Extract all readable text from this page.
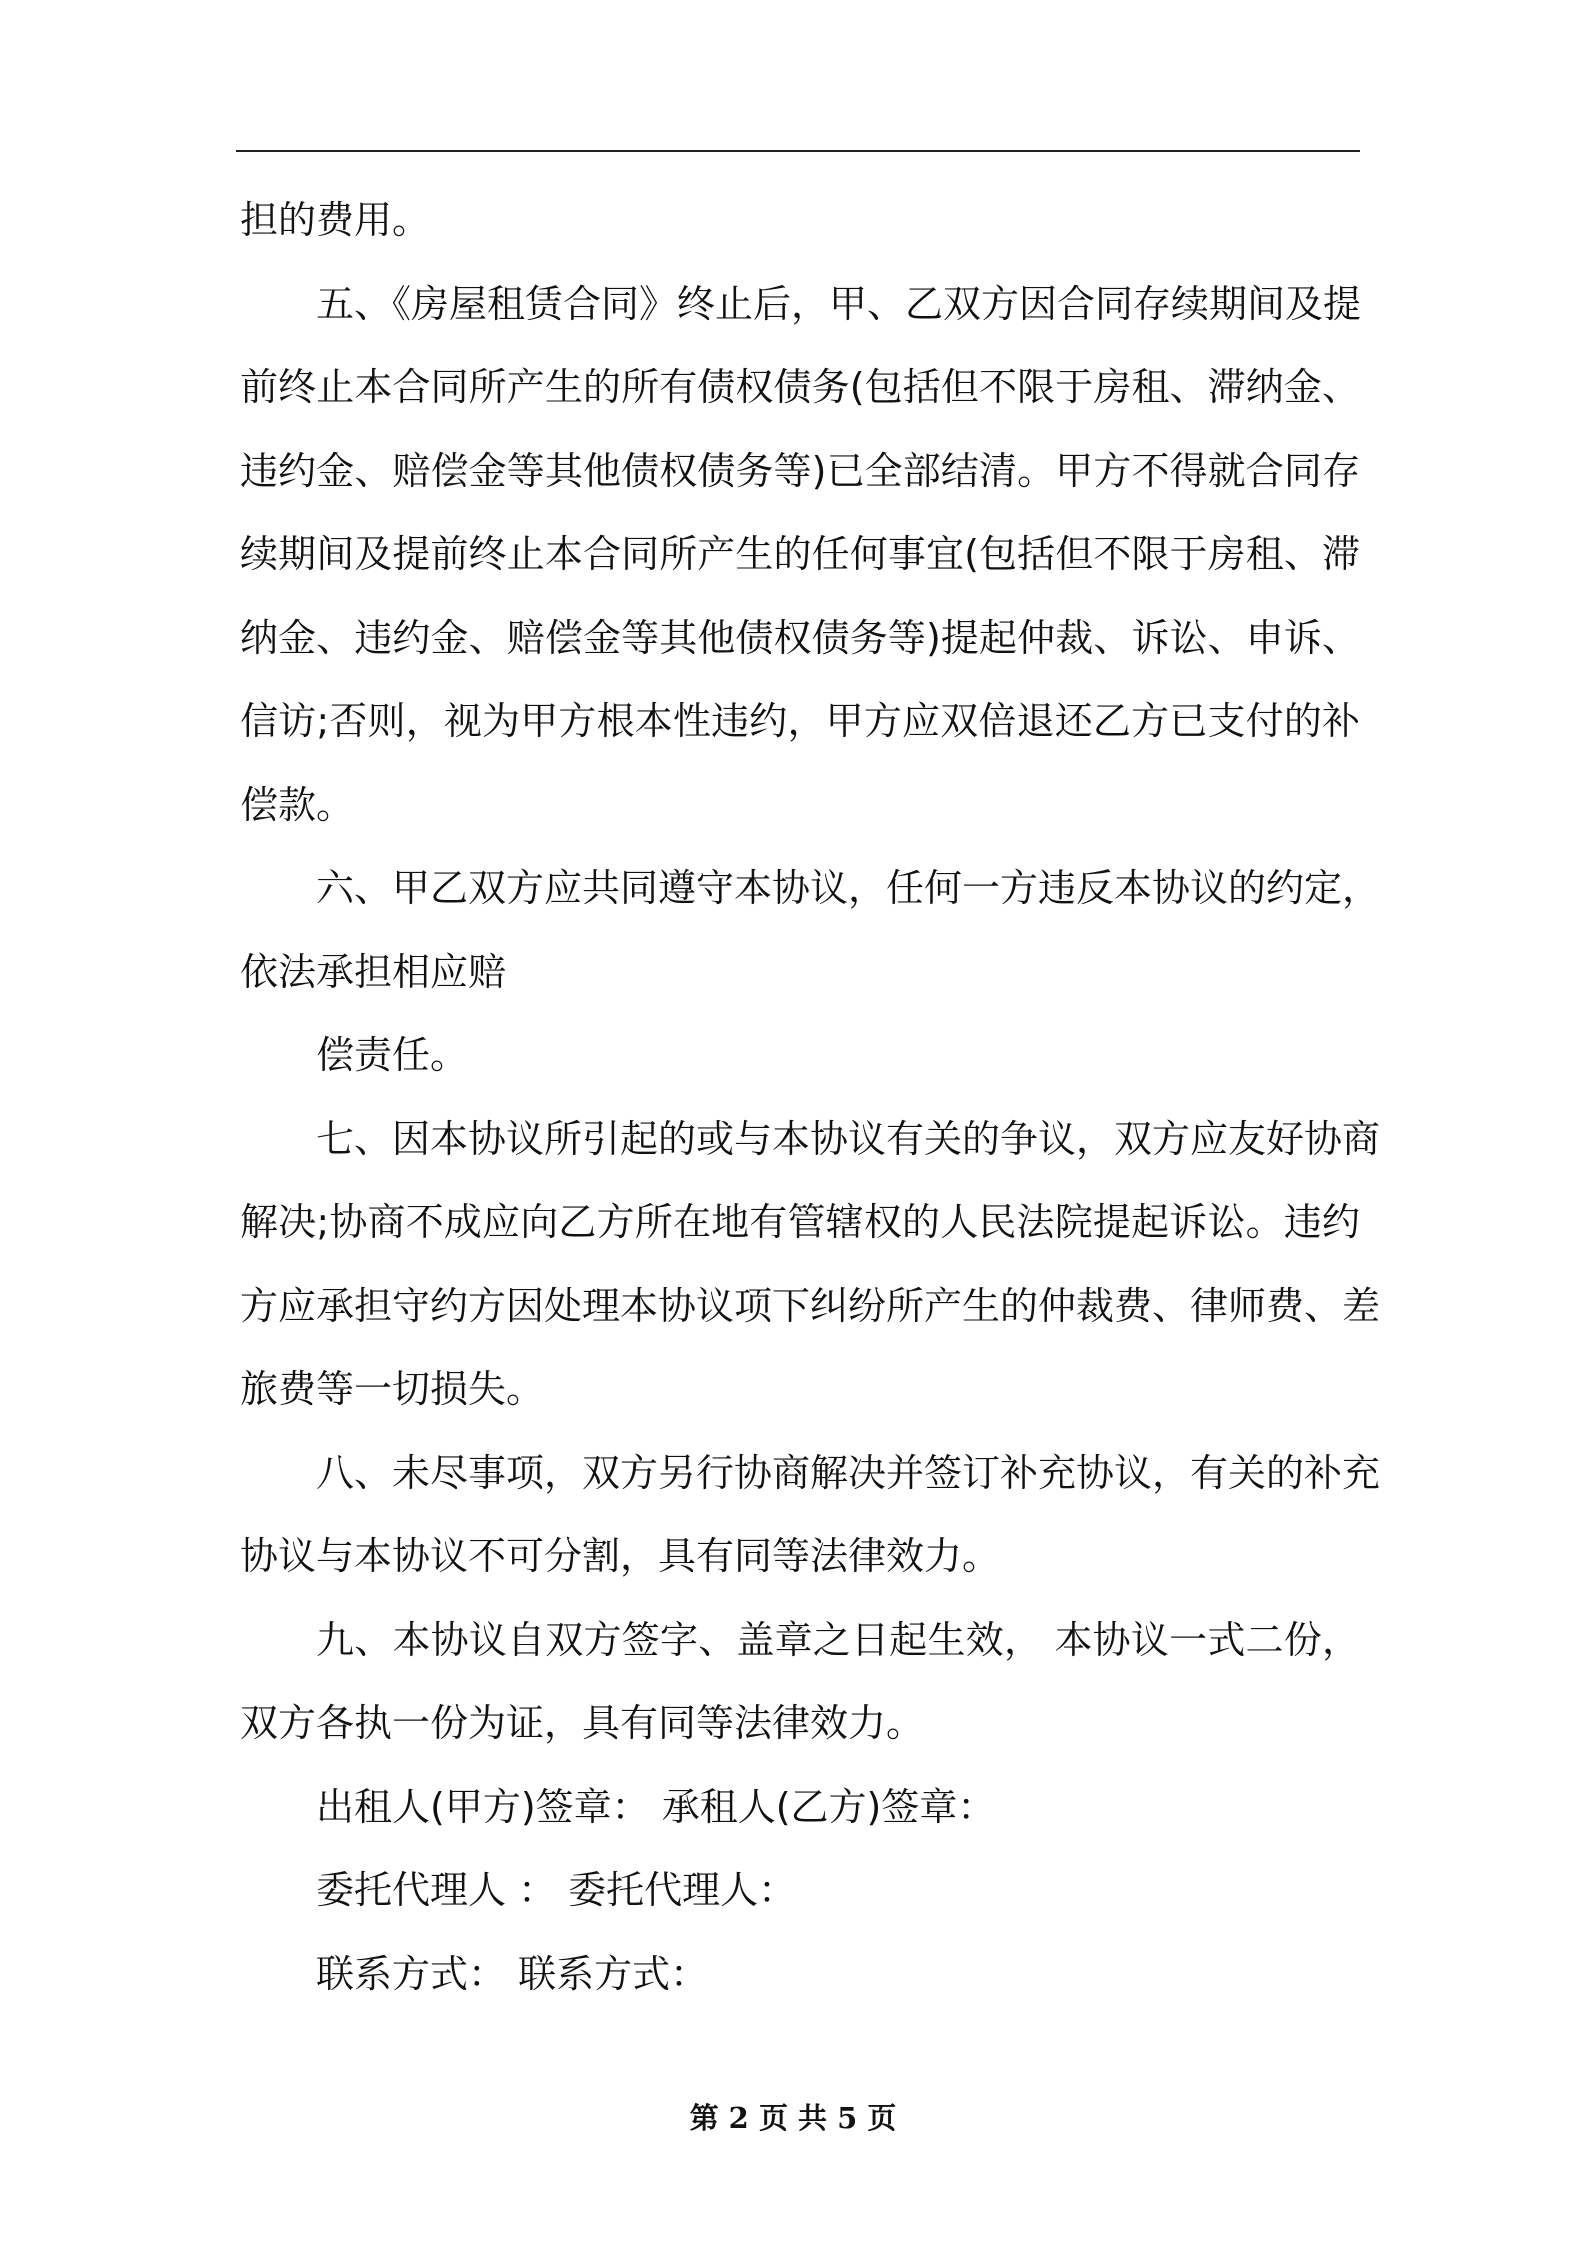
担的费用。
五、《房屋租赁合同》终止后，甲、乙双方因合同存续期间及提
前终止本合同所产生的所有债权债务(包括但不限于房租、滞纳金、
违约金、赔偿金等其他债权债务等)已全部结清。甲方不得就合同存
续期间及提前终止本合同所产生的任何事宜(包括但不限于房租、滞
纳金、违约金、赔偿金等其他债权债务等)提起仲裁、诉讼、申诉、
信访;否则，视为甲方根本性违约，甲方应双倍退还乙方已支付的补
偿款。
六、甲乙双方应共同遵守本协议，任何一方违反本协议的约定，
依法承担相应赔
偿责任。
七、因本协议所引起的或与本协议有关的争议，双方应友好协商
解决;协商不成应向乙方所在地有管辖权的人民法院提起诉讼。违约
方应承担守约方因处理本协议项下纠纷所产生的仲裁费、律师费、差
旅费等一切损失。
八、未尽事项，双方另行协商解决并签订补充协议，有关的补充
协议与本协议不可分割，具有同等法律效力。
九、本协议自双方签字、盖章之日起生效， 本协议一式二份，
双方各执一份为证，具有同等法律效力。
出租人(甲方)签章： 承租人(乙方)签章：
委托代理人 ： 委托代理人：
联系方式： 联系方式：
第 2 页 共 5 页
